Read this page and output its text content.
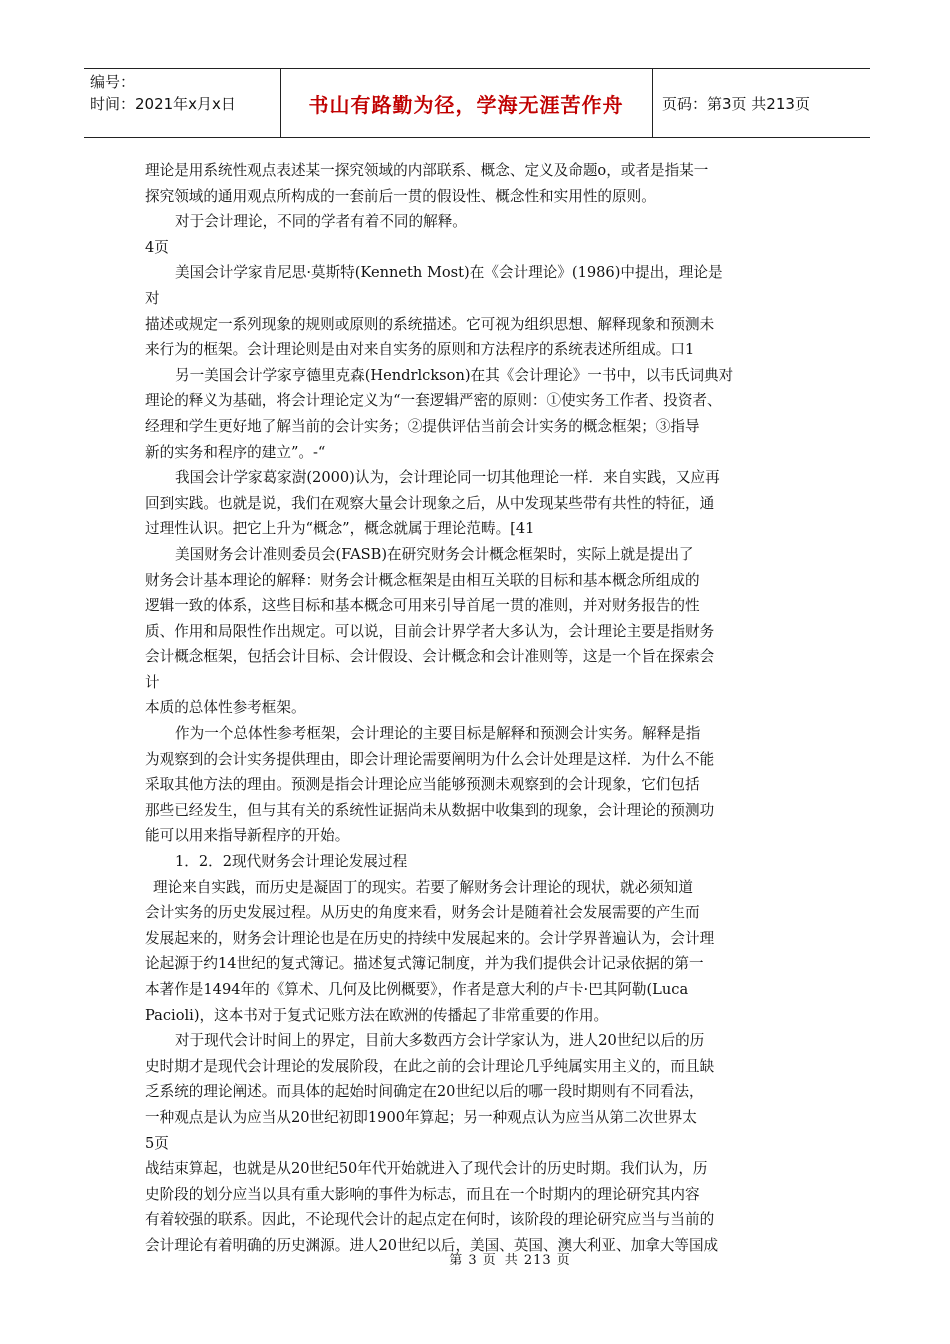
编号：
时间：2021年x月x日	书山有路勤为径，学海无涯苦作舟	页码：第3页 共213页

理论是用系统性观点表述某一探究领域的内部联系、概念、定义及命题o，或者是指某一

探究领域的通用观点所构成的一套前后一贯的假设性、概念性和实用性的原则。

对于会计理论，不同的学者有着不同的解释。

4页

美国会计学家肯尼思·莫斯特(Kenneth Most)在《会计理论》(1986)中提出，理论是

对

描述或规定一系列现象的规则或原则的系统描述。它可视为组织思想、解释现象和预测未

来行为的框架。会计理论则是由对来自实务的原则和方法程序的系统表述所组成。口1

另一美国会计学家亨德里克森(Hendrlckson)在其《会计理论》一书中，以韦氏词典对

理论的释义为基础，将会计理论定义为“一套逻辑严密的原则：①使实务工作者、投资者、

经理和学生更好地了解当前的会计实务；②提供评估当前会计实务的概念框架；③指导

新的实务和程序的建立”。-“

我国会计学家葛家澍(2000)认为，会计理论同一切其他理论一样．来自实践，又应再

回到实践。也就是说，我们在观察大量会计现象之后，从中发现某些带有共性的特征，通

过理性认识。把它上升为“概念”，概念就属于理论范畴。[41

美国财务会计准则委员会(FASB)在研究财务会计概念框架时，实际上就是提出了

财务会计基本理论的解释：财务会计概念框架是由相互关联的目标和基本概念所组成的

逻辑一致的体系，这些目标和基本概念可用来引导首尾一贯的准则，并对财务报告的性

质、作用和局限性作出规定。可以说，目前会计界学者大多认为，会计理论主要是指财务

会计概念框架，包括会计目标、会计假设、会计概念和会计准则等，这是一个旨在探索会

计

本质的总体性参考框架。

作为一个总体性参考框架，会计理论的主要目标是解释和预测会计实务。解释是指

为观察到的会计实务提供理由，即会计理论需要阐明为什么会计处理是这样．为什么不能

采取其他方法的理由。预测是指会计理论应当能够预测未观察到的会计现象，它们包括

那些已经发生，但与其有关的系统性证据尚未从数据中收集到的现象，会计理论的预测功

能可以用来指导新程序的开始。

1．2．2现代财务会计理论发展过程

理论来自实践，而历史是凝固丁的现实。若要了解财务会计理论的现状，就必须知道

会计实务的历史发展过程。从历史的角度来看，财务会计是随着社会发展需要的产生而

发展起来的，财务会计理论也是在历史的持续中发展起来的。会计学界普遍认为，会计理

论起源于约14世纪的复式簿记。描述复式簿记制度，并为我们提供会计记录依据的第一

本著作是1494年的《算术、几何及比例概要》，作者是意大利的卢卡·巴其阿勒(Luca

Pacioli)，这本书对于复式记账方法在欧洲的传播起了非常重要的作用。

对于现代会计时间上的界定，目前大多数西方会计学家认为，进人20世纪以后的历

史时期才是现代会计理论的发展阶段，在此之前的会计理论几乎纯属实用主义的，而且缺

乏系统的理论阐述。而具体的起始时间确定在20世纪以后的哪一段时期则有不同看法，

一种观点是认为应当从20世纪初即1900年算起；另一种观点认为应当从第二次世界太

5页

战结束算起，也就是从20世纪50年代开始就进入了现代会计的历史时期。我们认为，历

史阶段的划分应当以具有重大影响的事件为标志，而且在一个时期内的理论研究其内容

有着较强的联系。因此，不论现代会计的起点定在何时，该阶段的理论研究应当与当前的

会计理论有着明确的历史渊源。进人20世纪以后，美国、英国、澳大利亚、加拿大等国成

第 3 页 共 213 页
